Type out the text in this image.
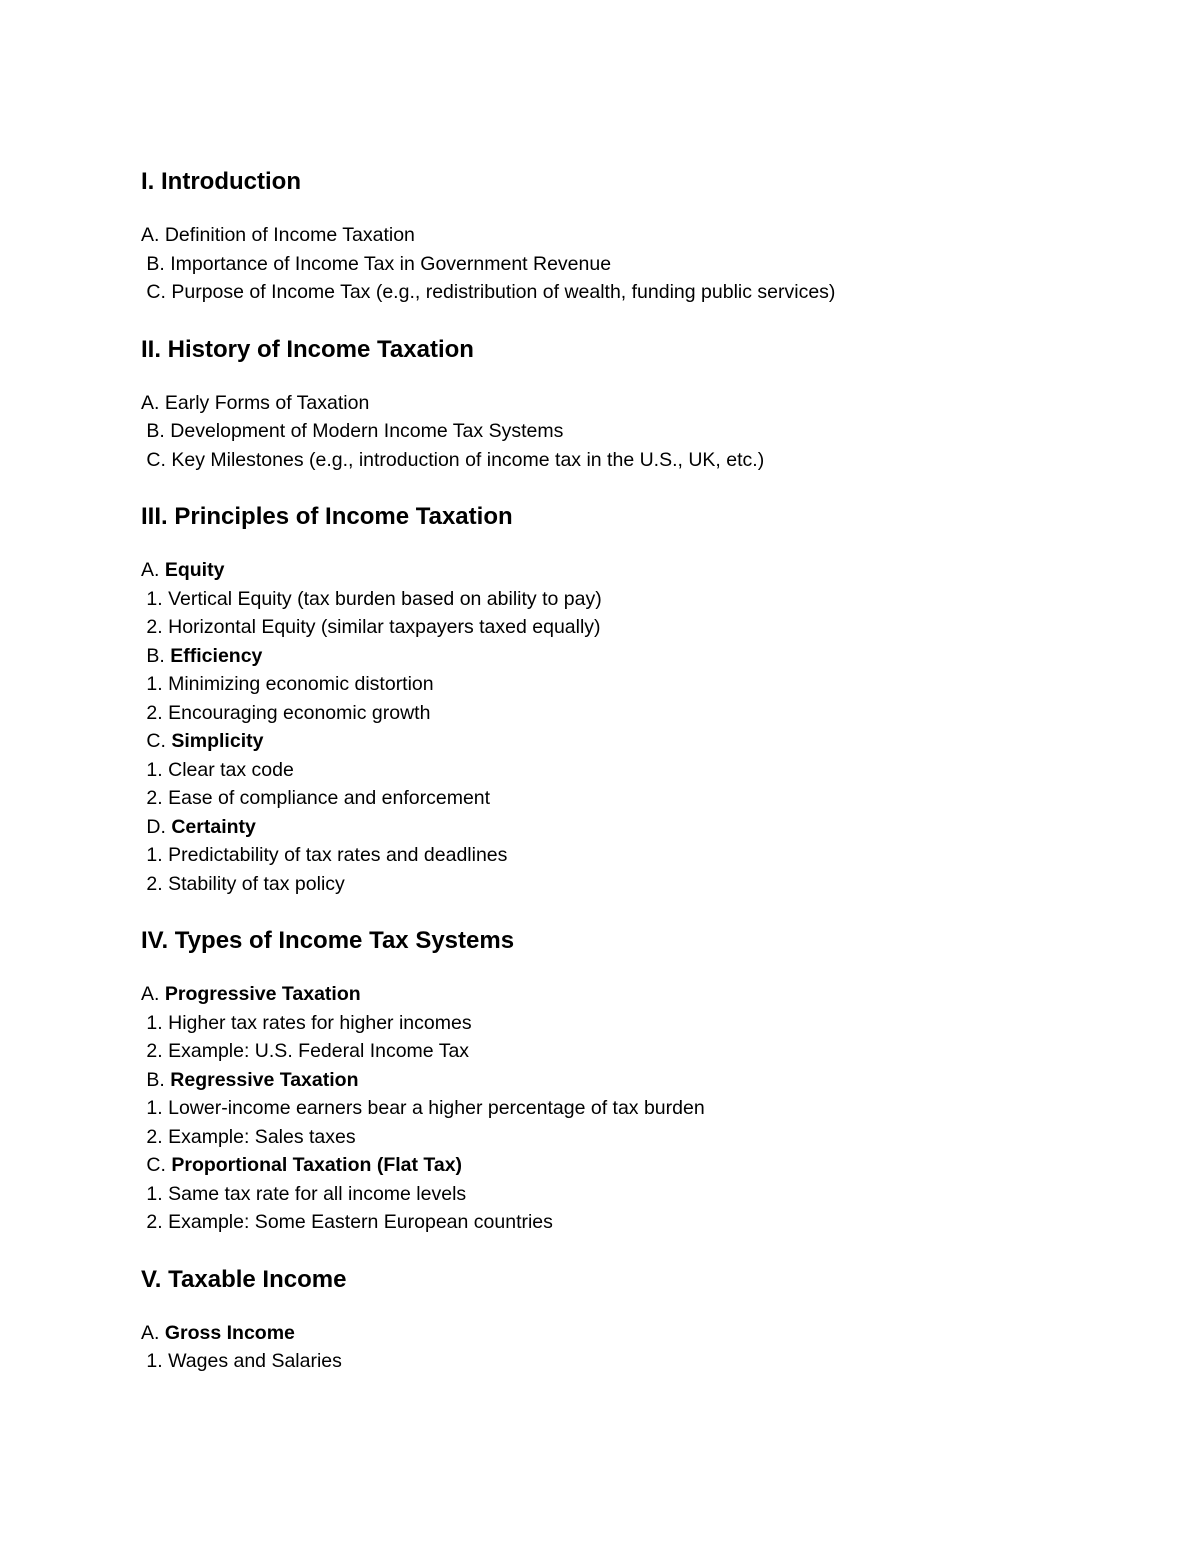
I. Introduction
A. Definition of Income Taxation
B. Importance of Income Tax in Government Revenue
C. Purpose of Income Tax (e.g., redistribution of wealth, funding public services)
II. History of Income Taxation
A. Early Forms of Taxation
B. Development of Modern Income Tax Systems
C. Key Milestones (e.g., introduction of income tax in the U.S., UK, etc.)
III. Principles of Income Taxation
A. Equity
1. Vertical Equity (tax burden based on ability to pay)
2. Horizontal Equity (similar taxpayers taxed equally)
B. Efficiency
1. Minimizing economic distortion
2. Encouraging economic growth
C. Simplicity
1. Clear tax code
2. Ease of compliance and enforcement
D. Certainty
1. Predictability of tax rates and deadlines
2. Stability of tax policy
IV. Types of Income Tax Systems
A. Progressive Taxation
1. Higher tax rates for higher incomes
2. Example: U.S. Federal Income Tax
B. Regressive Taxation
1. Lower-income earners bear a higher percentage of tax burden
2. Example: Sales taxes
C. Proportional Taxation (Flat Tax)
1. Same tax rate for all income levels
2. Example: Some Eastern European countries
V. Taxable Income
A. Gross Income
1. Wages and Salaries
